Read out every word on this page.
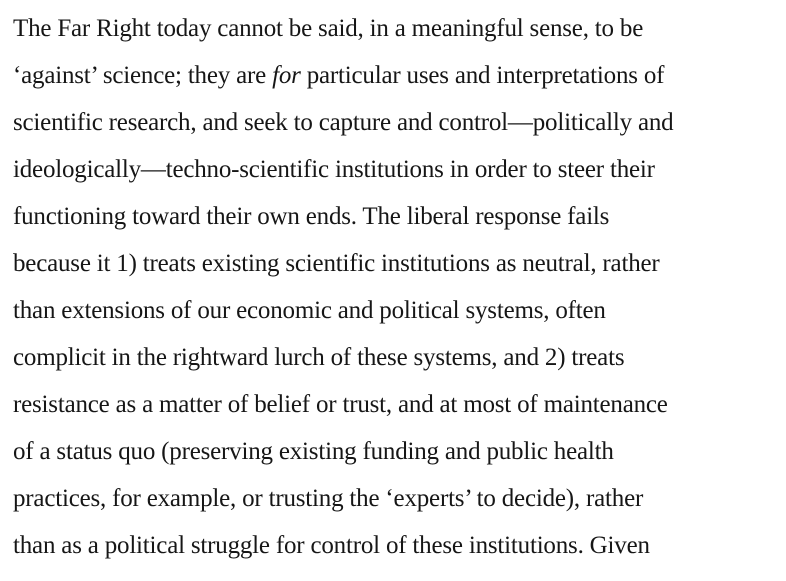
The Far Right today cannot be said, in a meaningful sense, to be
‘against’ science; they are for particular uses and interpretations of
scientific research, and seek to capture and control—politically and
ideologically—techno-scientific institutions in order to steer their
functioning toward their own ends. The liberal response fails
because it 1) treats existing scientific institutions as neutral, rather
than extensions of our economic and political systems, often
complicit in the rightward lurch of these systems, and 2) treats
resistance as a matter of belief or trust, and at most of maintenance
of a status quo (preserving existing funding and public health
practices, for example, or trusting the ‘experts’ to decide), rather
than as a political struggle for control of these institutions. Given
